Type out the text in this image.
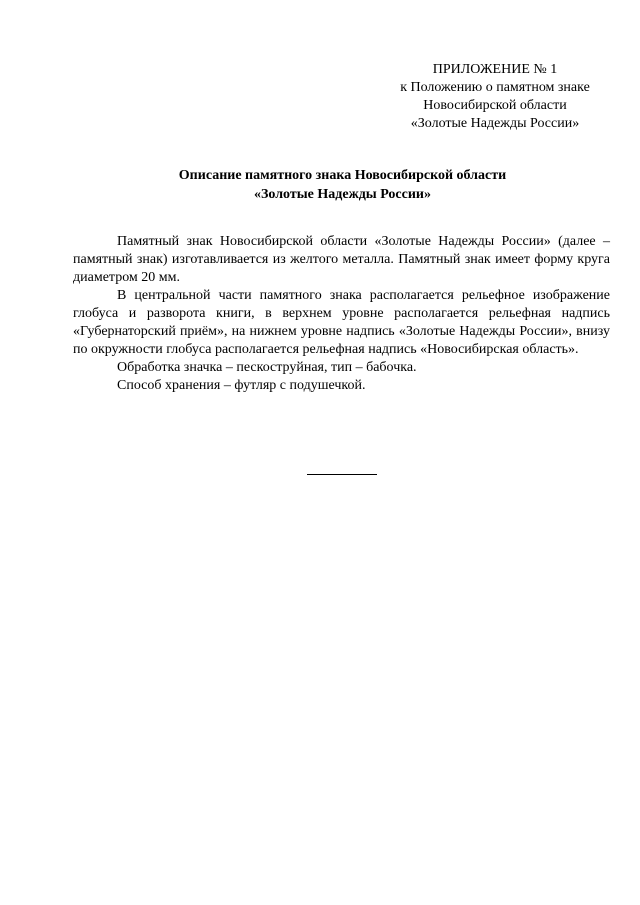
ПРИЛОЖЕНИЕ № 1
к Положению о памятном знаке
Новосибирской области
«Золотые Надежды России»
Описание памятного знака Новосибирской области
«Золотые Надежды России»

Памятный знак Новосибирской области «Золотые Надежды России» (далее – памятный знак) изготавливается из желтого металла. Памятный знак имеет форму круга диаметром 20 мм.

В центральной части памятного знака располагается рельефное изображение глобуса и разворота книги, в верхнем уровне располагается рельефная надпись «Губернаторский приём», на нижнем уровне надпись «Золотые Надежды России», внизу по окружности глобуса располагается рельефная надпись «Новосибирская область».

Обработка значка – пескоструйная, тип – бабочка.

Способ хранения – футляр с подушечкой.
